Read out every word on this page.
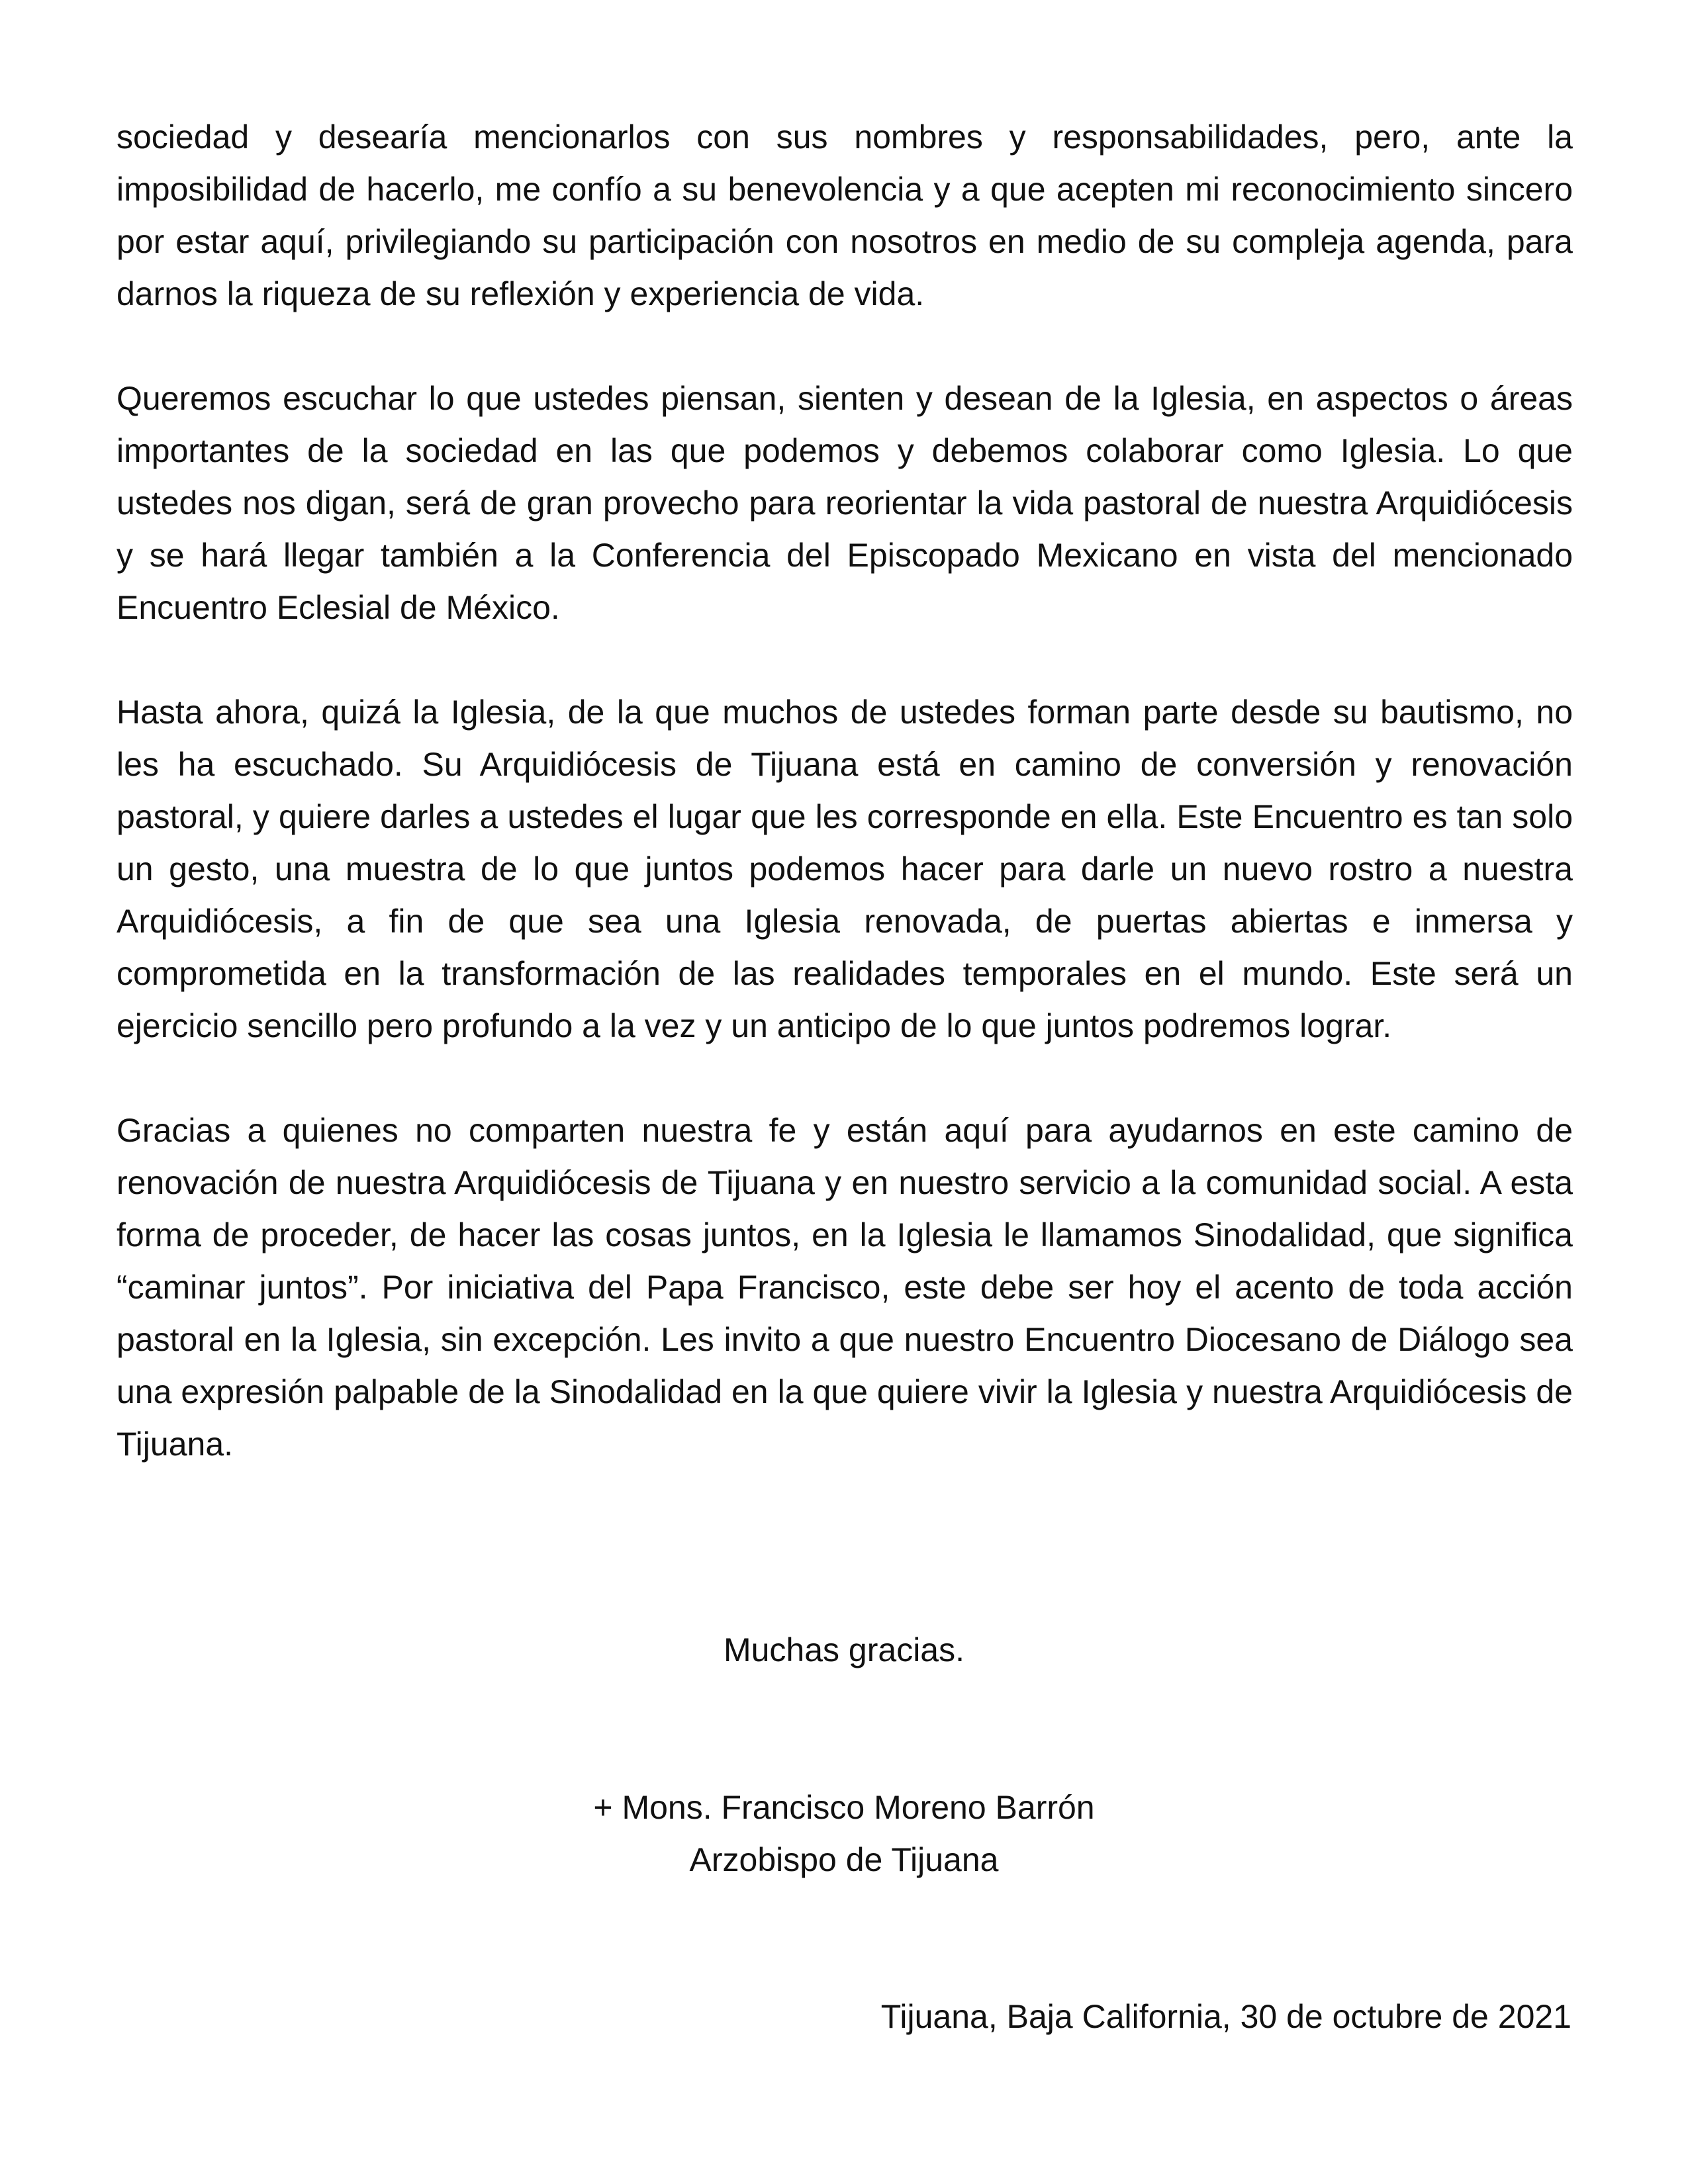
sociedad y desearía mencionarlos con sus nombres y responsabilidades, pero, ante la imposibilidad de hacerlo, me confío a su benevolencia y a que acepten mi reconocimiento sincero por estar aquí, privilegiando su participación con nosotros en medio de su compleja agenda, para darnos la riqueza de su reflexión y experiencia de vida.

Queremos escuchar lo que ustedes piensan, sienten y desean de la Iglesia, en aspectos o áreas importantes de la sociedad en las que podemos y debemos colaborar como Iglesia. Lo que ustedes nos digan, será de gran provecho para reorientar la vida pastoral de nuestra Arquidiócesis y se hará llegar también a la Conferencia del Episcopado Mexicano en vista del mencionado Encuentro Eclesial de México.

Hasta ahora, quizá la Iglesia, de la que muchos de ustedes forman parte desde su bautismo, no les ha escuchado. Su Arquidiócesis de Tijuana está en camino de conversión y renovación pastoral, y quiere darles a ustedes el lugar que les corresponde en ella. Este Encuentro es tan solo un gesto, una muestra de lo que juntos podemos hacer para darle un nuevo rostro a nuestra Arquidiócesis, a fin de que sea una Iglesia renovada, de puertas abiertas e inmersa y comprometida en la transformación de las realidades temporales en el mundo. Este será un ejercicio sencillo pero profundo a la vez y un anticipo de lo que juntos podremos lograr.

Gracias a quienes no comparten nuestra fe y están aquí para ayudarnos en este camino de renovación de nuestra Arquidiócesis de Tijuana y en nuestro servicio a la comunidad social. A esta forma de proceder, de hacer las cosas juntos, en la Iglesia le llamamos Sinodalidad, que significa “caminar juntos”. Por iniciativa del Papa Francisco, este debe ser hoy el acento de toda acción pastoral en la Iglesia, sin excepción. Les invito a que nuestro Encuentro Diocesano de Diálogo sea una expresión palpable de la Sinodalidad en la que quiere vivir la Iglesia y nuestra Arquidiócesis de Tijuana.

Muchas gracias.
+ Mons. Francisco Moreno Barrón
Arzobispo de Tijuana
Tijuana, Baja California, 30 de octubre de 2021
